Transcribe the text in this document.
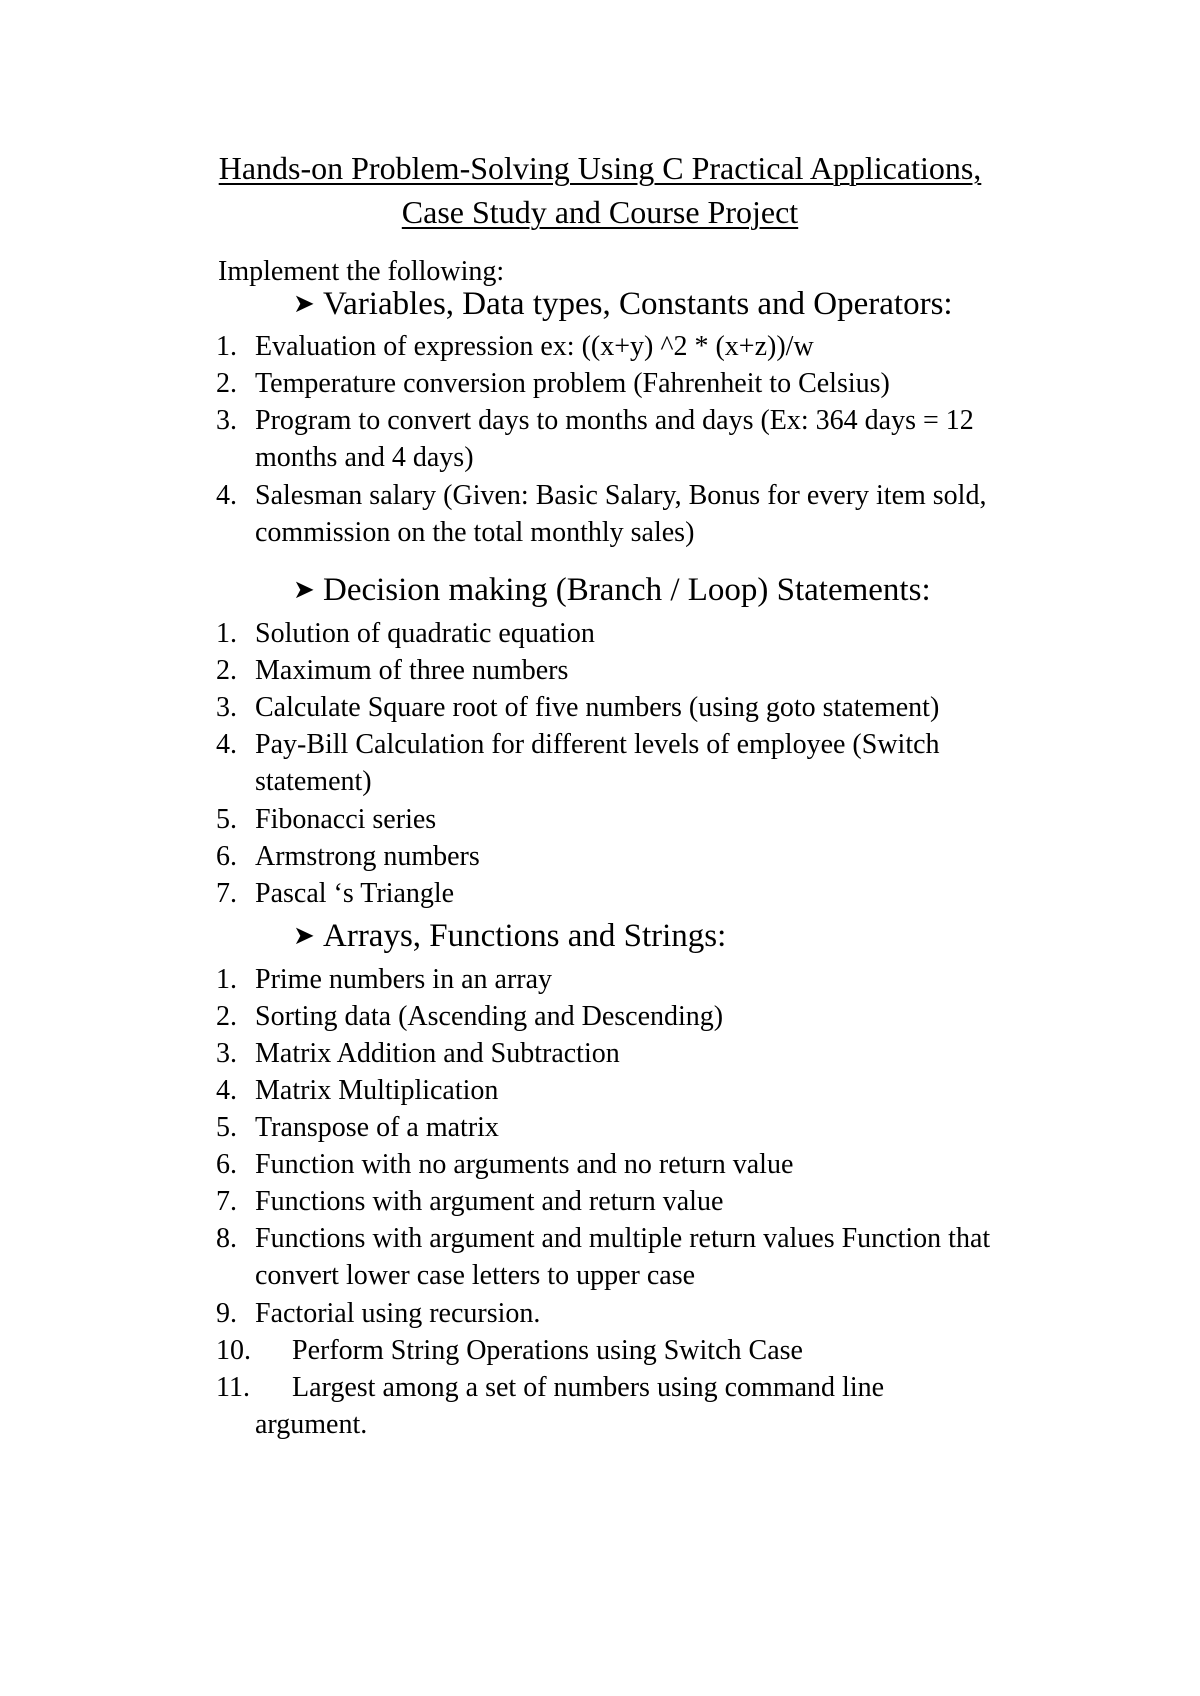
Hands-on Problem-Solving Using C Practical Applications,
Case Study and Course Project
Implement the following:
➤ Variables, Data types, Constants and Operators:
1. Evaluation of expression ex: ((x+y) ^2 * (x+z))/w
2. Temperature conversion problem (Fahrenheit to Celsius)
3. Program to convert days to months and days (Ex: 364 days = 12 months and 4 days)
4. Salesman salary (Given: Basic Salary, Bonus for every item sold, commission on the total monthly sales)
➤ Decision making (Branch / Loop) Statements:
1. Solution of quadratic equation
2. Maximum of three numbers
3. Calculate Square root of five numbers (using goto statement)
4. Pay-Bill Calculation for different levels of employee (Switch statement)
5. Fibonacci series
6. Armstrong numbers
7. Pascal ‘s Triangle
➤ Arrays, Functions and Strings:
1. Prime numbers in an array
2. Sorting data (Ascending and Descending)
3. Matrix Addition and Subtraction
4. Matrix Multiplication
5. Transpose of a matrix
6. Function with no arguments and no return value
7. Functions with argument and return value
8. Functions with argument and multiple return values Function that convert lower case letters to upper case
9. Factorial using recursion.
10. Perform String Operations using Switch Case
11. Largest among a set of numbers using command line
argument.
